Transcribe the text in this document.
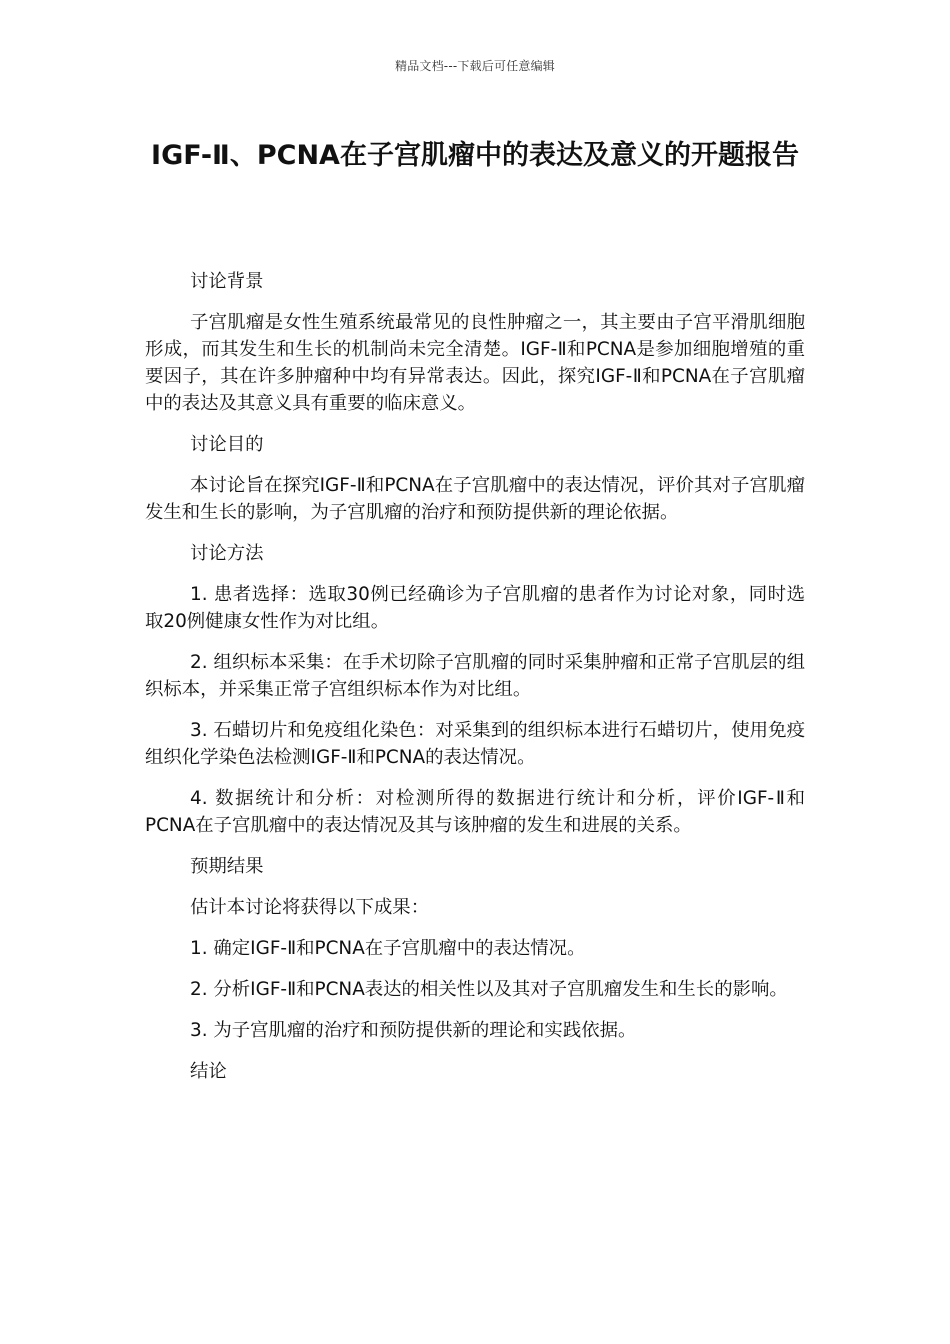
精品文档---下载后可任意编辑
IGF-Ⅱ、PCNA在子宫肌瘤中的表达及意义的开题报告

讨论背景

子宫肌瘤是女性生殖系统最常见的良性肿瘤之一，其主要由子宫平滑肌细胞形成，而其发生和生长的机制尚未完全清楚。IGF-Ⅱ和PCNA是参加细胞增殖的重要因子，其在许多肿瘤种中均有异常表达。因此，探究IGF-Ⅱ和PCNA在子宫肌瘤中的表达及其意义具有重要的临床意义。

讨论目的

本讨论旨在探究IGF-Ⅱ和PCNA在子宫肌瘤中的表达情况，评价其对子宫肌瘤发生和生长的影响，为子宫肌瘤的治疗和预防提供新的理论依据。

讨论方法

1. 患者选择：选取30例已经确诊为子宫肌瘤的患者作为讨论对象，同时选取20例健康女性作为对比组。

2. 组织标本采集：在手术切除子宫肌瘤的同时采集肿瘤和正常子宫肌层的组织标本，并采集正常子宫组织标本作为对比组。

3. 石蜡切片和免疫组化染色：对采集到的组织标本进行石蜡切片，使用免疫组织化学染色法检测IGF-Ⅱ和PCNA的表达情况。

4. 数据统计和分析：对检测所得的数据进行统计和分析，评价IGF-Ⅱ和PCNA在子宫肌瘤中的表达情况及其与该肿瘤的发生和进展的关系。

预期结果

估计本讨论将获得以下成果：

1. 确定IGF-Ⅱ和PCNA在子宫肌瘤中的表达情况。

2. 分析IGF-Ⅱ和PCNA表达的相关性以及其对子宫肌瘤发生和生长的影响。

3. 为子宫肌瘤的治疗和预防提供新的理论和实践依据。

结论
